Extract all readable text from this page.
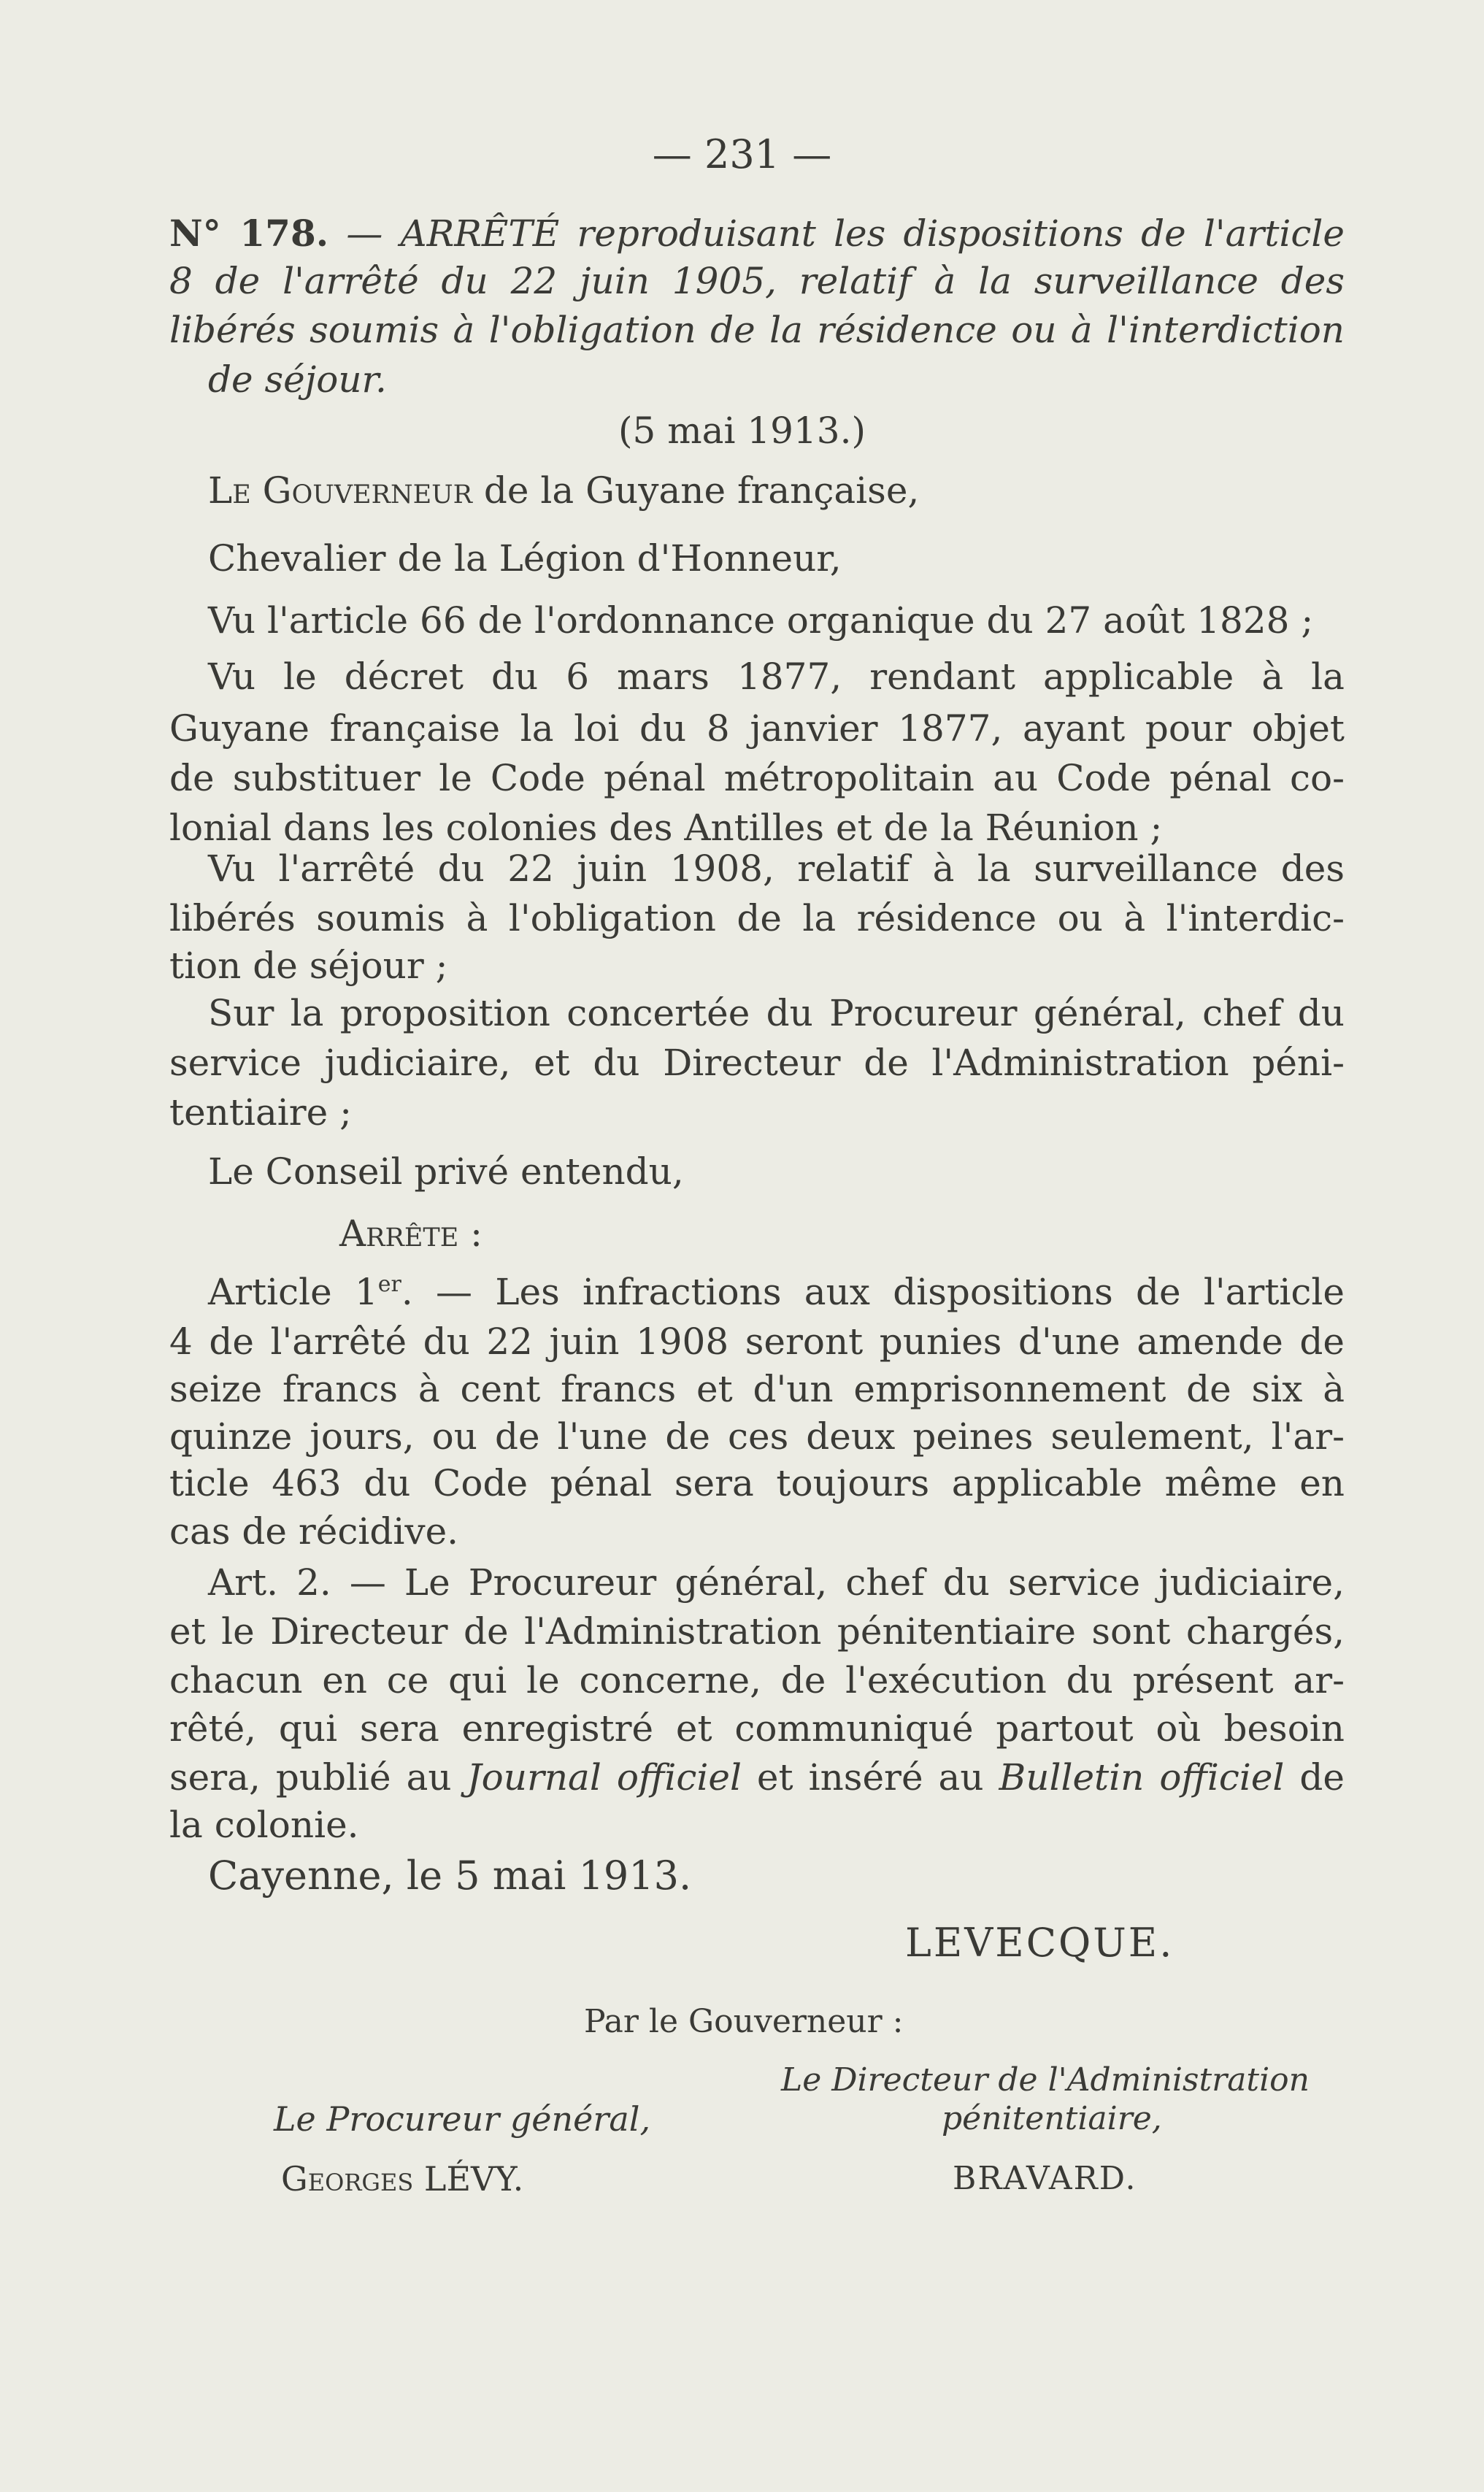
— 231 —
N° 178. — ARRÊTÉ reproduisant les dispositions de l'article
8 de l'arrêté du 22 juin 1905, relatif à la surveillance des
libérés soumis à l'obligation de la résidence ou à l'interdiction
de séjour.
(5 mai 1913.)
Le Gouverneur de la Guyane française,
Chevalier de la Légion d'Honneur,
Vu l'article 66 de l'ordonnance organique du 27 août 1828 ;
Vu le décret du 6 mars 1877, rendant applicable à la
Guyane française la loi du 8 janvier 1877, ayant pour objet
de substituer le Code pénal métropolitain au Code pénal co-
lonial dans les colonies des Antilles et de la Réunion ;
Vu l'arrêté du 22 juin 1908, relatif à la surveillance des
libérés soumis à l'obligation de la résidence ou à l'interdic-
tion de séjour ;
Sur la proposition concertée du Procureur général, chef du
service judiciaire, et du Directeur de l'Administration péni-
tentiaire ;
Le Conseil privé entendu,
Arrête :
Article 1er. — Les infractions aux dispositions de l'article
4 de l'arrêté du 22 juin 1908 seront punies d'une amende de
seize francs à cent francs et d'un emprisonnement de six à
quinze jours, ou de l'une de ces deux peines seulement, l'ar-
ticle 463 du Code pénal sera toujours applicable même en
cas de récidive.
Art. 2. — Le Procureur général, chef du service judiciaire,
et le Directeur de l'Administration pénitentiaire sont chargés,
chacun en ce qui le concerne, de l'exécution du présent ar-
rêté, qui sera enregistré et communiqué partout où besoin
sera, publié au Journal officiel et inséré au Bulletin officiel de
la colonie.
Cayenne, le 5 mai 1913.
LEVECQUE.
Par le Gouverneur :
Le Directeur de l'Administration
pénitentiaire,
Le Procureur général,
Georges LÉVY.	BRAVARD.
